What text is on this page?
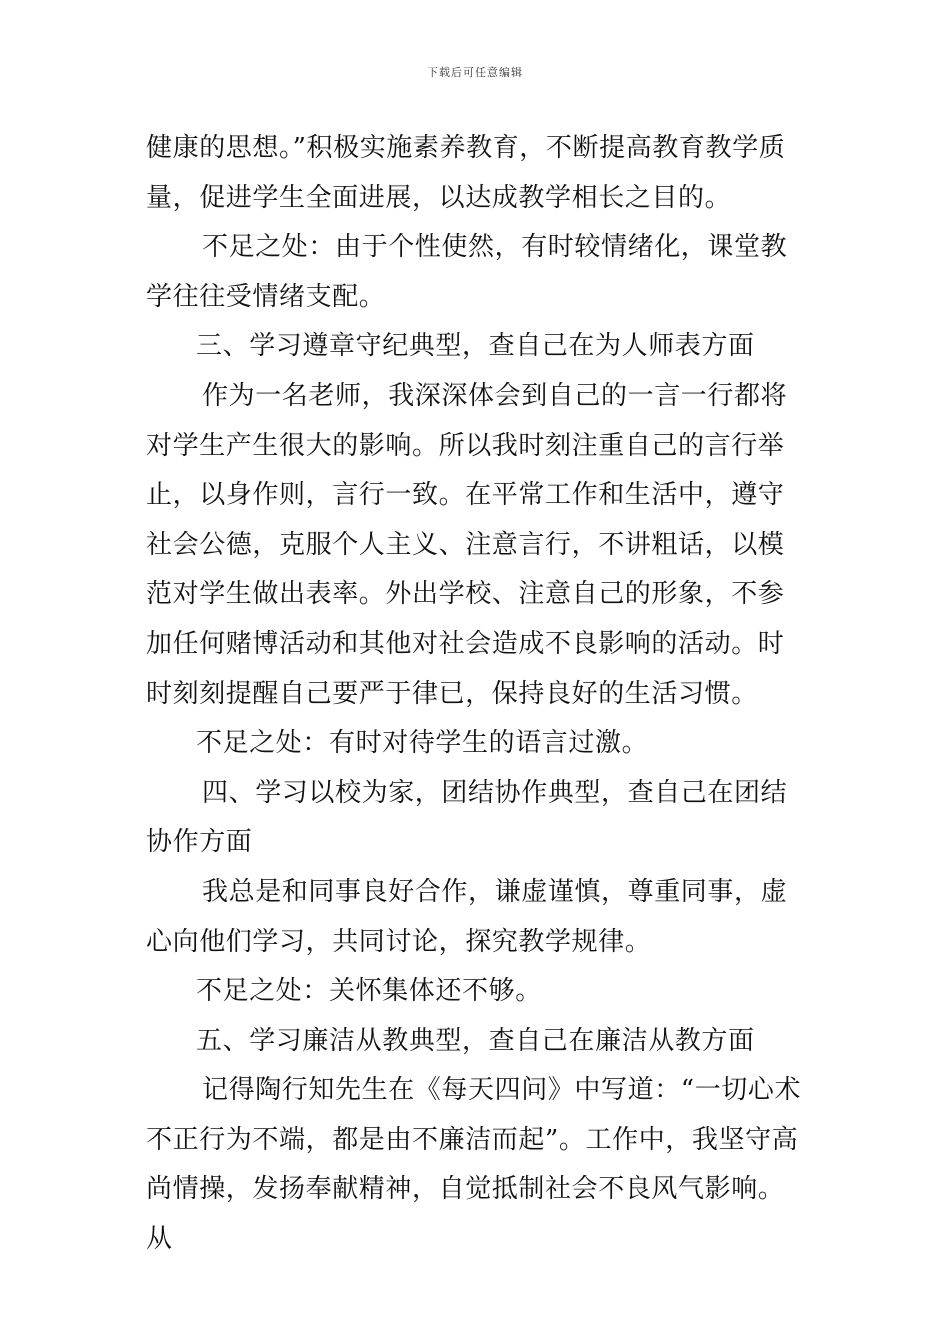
下载后可任意编辑

健康的思想。”积极实施素养教育，不断提高教育教学质量，促进学生全面进展，以达成教学相长之目的。

不足之处：由于个性使然，有时较情绪化，课堂教学往往受情绪支配。

三、学习遵章守纪典型，查自己在为人师表方面

作为一名老师，我深深体会到自己的一言一行都将对学生产生很大的影响。所以我时刻注重自己的言行举止，以身作则，言行一致。在平常工作和生活中，遵守社会公德，克服个人主义、注意言行，不讲粗话，以模范对学生做出表率。外出学校、注意自己的形象，不参加任何赌博活动和其他对社会造成不良影响的活动。时时刻刻提醒自己要严于律已，保持良好的生活习惯。

不足之处：有时对待学生的语言过激。

四、学习以校为家，团结协作典型，查自己在团结协作方面

我总是和同事良好合作，谦虚谨慎，尊重同事，虚心向他们学习，共同讨论，探究教学规律。

不足之处：关怀集体还不够。

五、学习廉洁从教典型，查自己在廉洁从教方面

记得陶行知先生在《每天四问》中写道：“一切心术不正行为不端，都是由不廉洁而起”。工作中，我坚守高尚情操，发扬奉献精神，自觉抵制社会不良风气影响。从
